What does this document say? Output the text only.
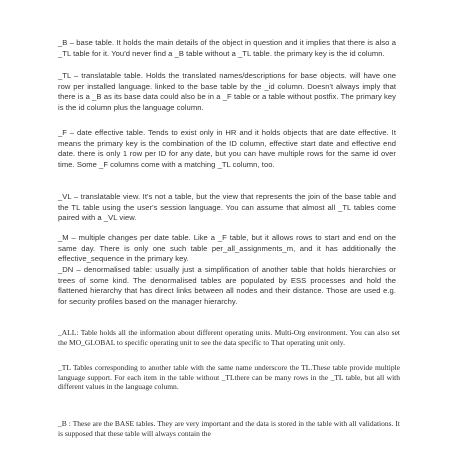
_B – base table. It holds the main details of the object in question and it implies that there is also a _TL table for it. You'd never find a _B table without a _TL table. the primary key is the id column.

_TL – translatable table. Holds the translated names/descriptions for base objects. will have one row per installed language. linked to the base table by the _id column. Doesn't always imply that there is a _B as its base data could also be in a _F table or a table without postfix. The primary key is the id column plus the language column.

_F – date effective table. Tends to exist only in HR and it holds objects that are date effective. It means the primary key is the combination of the ID column, effective start date and effective end date. there is only 1 row per ID for any date, but you can have multiple rows for the same id over time. Some _F columns come with a matching _TL column, too.

_VL – translatable view. It's not a table, but the view that represents the join of the base table and the TL table using the user's session language. You can assume that almost all _TL tables come paired with a _VL view.

_M – multiple changes per date table. Like a _F table, but it allows rows to start and end on the same day. There is only one such table per_all_assignments_m, and it has additionally the effective_sequence in the primary key.

_DN – denormalised table: usually just a simplification of another table that holds hierarchies or trees of some kind. The denormalised tables are populated by ESS processes and hold the flattened hierarchy that has direct links between all nodes and their distance. Those are used e.g. for security profiles based on the manager hierarchy.

_ALL: Table holds all the information about different operating units. Multi-Org environment. You can also set the MO_GLOBAL to specific operating unit to see the data specific to That operating unit only.

_TL Tables corresponding to another table with the same name underscore the TL.These table provide multiple language support. For each item in the table without _TLthere can be many rows in the _TL table, but all with different values in the language column.

_B : These are the BASE tables. They are very important and the data is stored in the table with all validations. It is supposed that these table will always contain the
